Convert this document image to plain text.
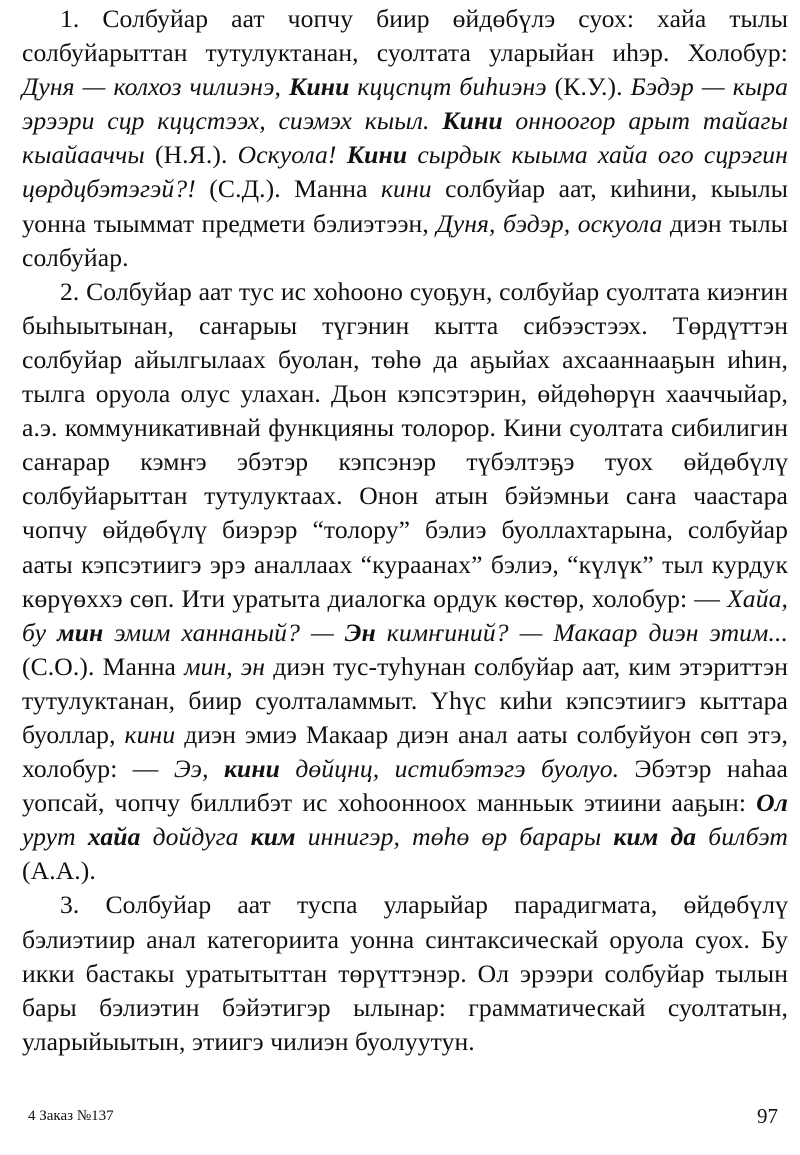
1. Солбуйар аат чопчу биир өйдөбүлэ суох: хайа тылы солбуйарыттан тутулуктанан, суолтата уларыйан иһэр. Холобур: Дуня — колхоз чилиэнэ, Кини кццспцт биһиэнэ (К.У.). Бэдэр — кыра эрээри сцр кццстээх, сиэмэх кыыл. Кини онноогор арыт тайагы кыайааччы (Н.Я.). Оскуола! Кини сырдык кыыма хайа ого сцрэгин цөрдцбэтэгэй?! (С.Д.). Манна кини солбуйар аат, киһини, кыылы уонна тыыммат предмети бэлиэтээн, Дуня, бэдэр, оскуола диэн тылы солбуйар.

2. Солбуйар аат тус ис хоһооно суоҕун, солбуйар суолтата киэҥин быһыытынан, саҥарыы түгэнин кытта сибээстээх. Төрдүттэн солбуйар айылгылаах буолан, төһө да аҕыйах ахсааннааҕын иһин, тылга оруола олус улахан. Дьон кэпсэтэрин, өйдөһөрүн хааччыйар, а.э. коммуникативнай функцияны толорор. Кини суолтата сибилигин саҥарар кэмҥэ эбэтэр кэпсэнэр түбэлтэҕэ туох өйдөбүлү солбуйарыттан тутулуктаах. Онон атын бэйэмньи саҥа чаастара чопчу өйдөбүлү биэрэр “толору” бэлиэ буоллахтарына, солбуйар ааты кэпсэтиигэ эрэ аналлаах “кураанах” бэлиэ, “күлүк” тыл курдук көрүөххэ сөп. Ити уратыта диалогка ордук көстөр, холобур: — Хайа, бу мин эмим ханнаный? — Эн кимҥиний? — Макаар диэн этим... (С.О.). Манна мин, эн диэн тус-туһунан солбуйар аат, ким этэриттэн тутулуктанан, биир суолталаммыт. Үһүс киһи кэпсэтиигэ кыттара буоллар, кини диэн эмиэ Макаар диэн анал ааты солбуйуон сөп этэ, холобур: — Ээ, кини дөйцнц, истибэтэгэ буолуо. Эбэтэр наһаа уопсай, чопчу биллибэт ис хоһоонноох манньык этиини ааҕын: Ол урут хайа дойдуга ким иннигэр, төһө өр барары ким да билбэт (А.А.).

3. Солбуйар аат туспа уларыйар парадигмата, өйдөбүлү бэлиэтиир анал категориита уонна синтаксическай оруола суох. Бу икки бастакы уратытыттан төрүттэнэр. Ол эрээри солбуйар тылын бары бэлиэтин бэйэтигэр ылынар: грамматическай суолтатын, уларыйыытын, этиигэ чилиэн буолуутун.

4 Заказ №137	97
